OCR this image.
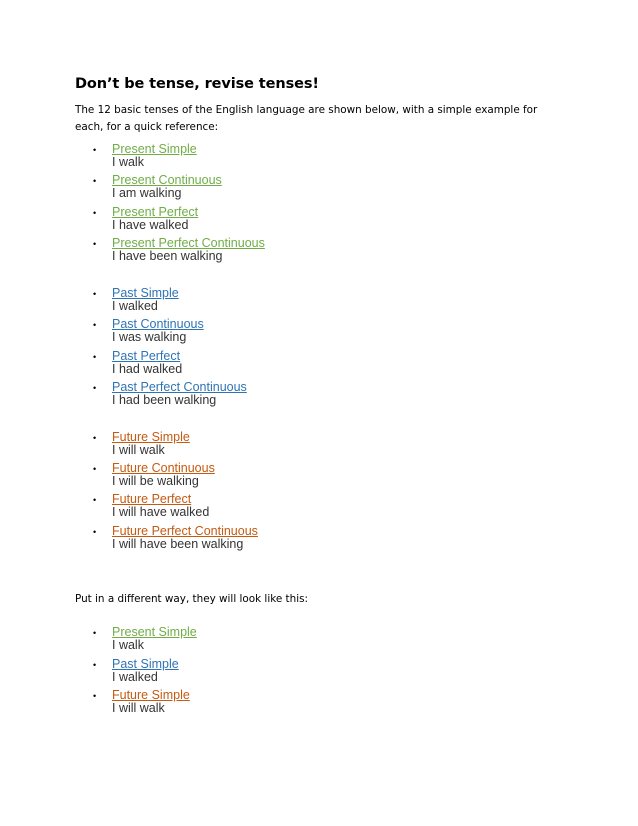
Don’t be tense, revise tenses!
The 12 basic tenses of the English language are shown below, with a simple example for each, for a quick reference:
• Present Simple
I walk
• Present Continuous
I am walking
• Present Perfect
I have walked
• Present Perfect Continuous
I have been walking
• Past Simple
I walked
• Past Continuous
I was walking
• Past Perfect
I had walked
• Past Perfect Continuous
I had been walking
• Future Simple
I will walk
• Future Continuous
I will be walking
• Future Perfect
I will have walked
• Future Perfect Continuous
I will have been walking
Put in a different way, they will look like this:
• Present Simple
I walk
• Past Simple
I walked
• Future Simple
I will walk
